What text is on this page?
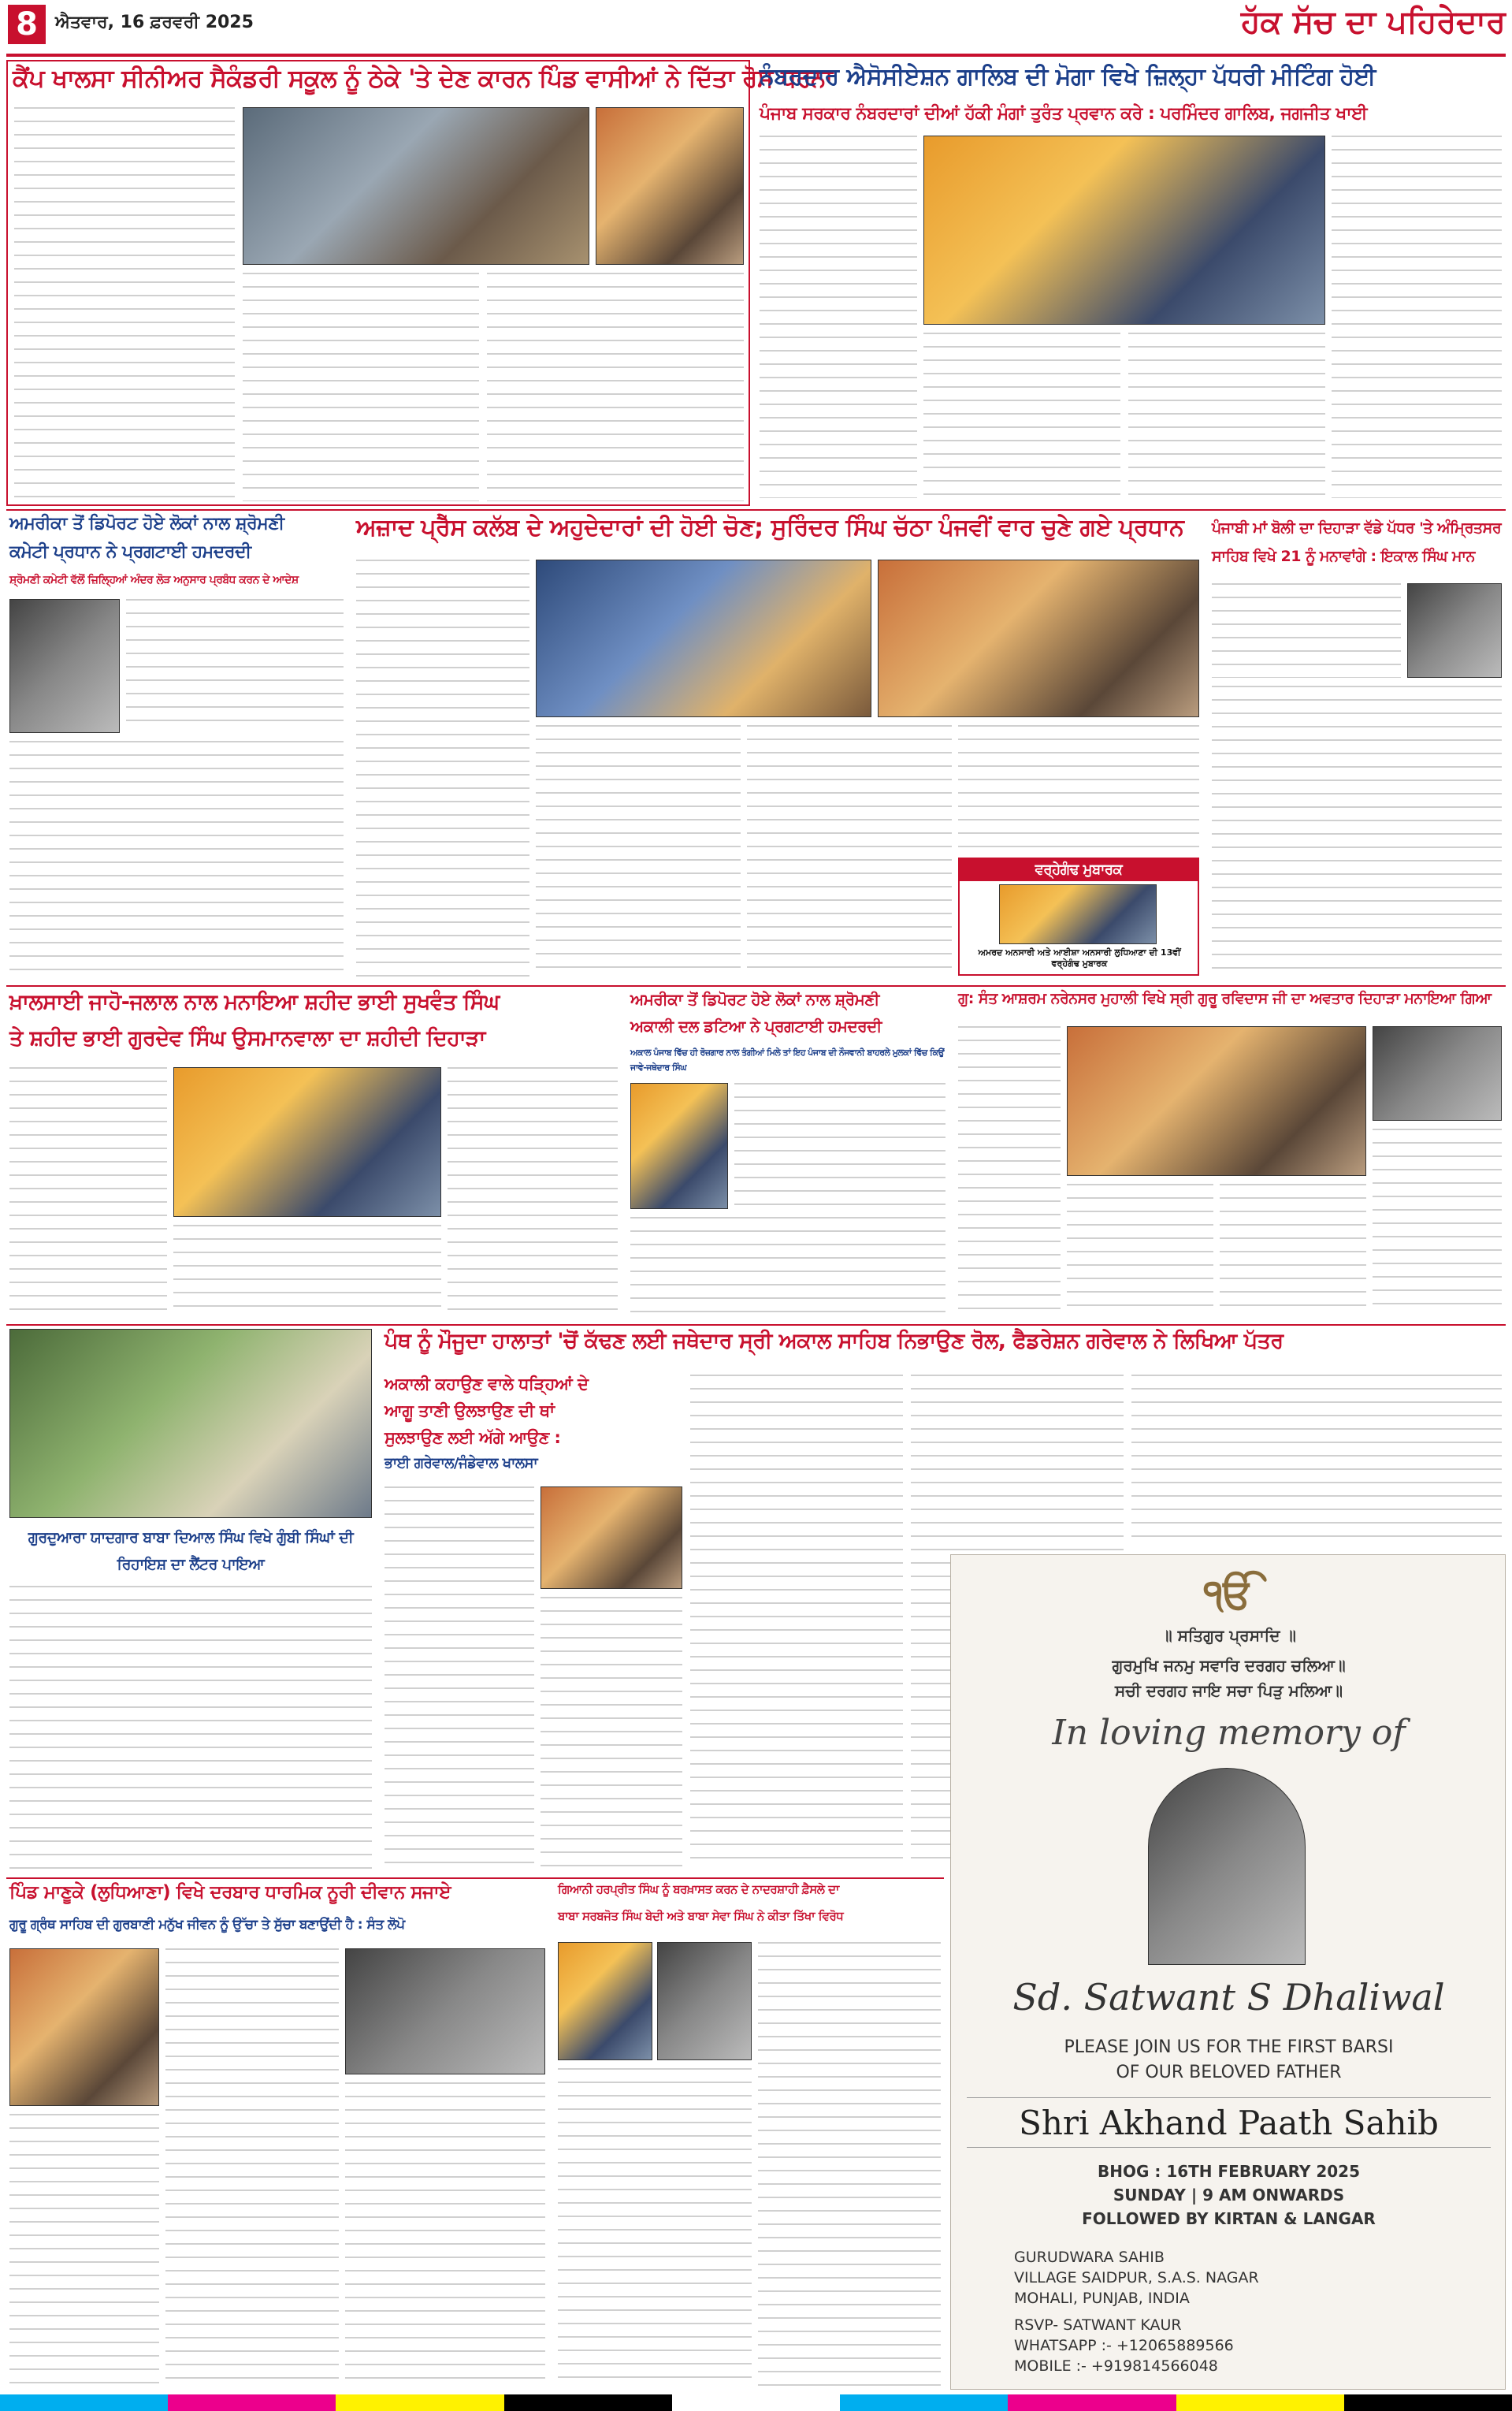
8	ਐਤਵਾਰ, 16 ਫ਼ਰਵਰੀ 2025	ਹੱਕ ਸੱਚ ਦਾ ਪਹਿਰੇਦਾਰ
ਕੈਂਪ ਖਾਲਸਾ ਸੀਨੀਅਰ ਸੈਕੰਡਰੀ ਸਕੂਲ ਨੂੰ ਠੇਕੇ 'ਤੇ ਦੇਣ ਕਾਰਨ ਪਿੰਡ ਵਾਸੀਆਂ ਨੇ ਦਿੱਤਾ ਰੋਸ ਧਰਨਾ
ਨੰਬਰਦਾਰ ਐਸੋਸੀਏਸ਼ਨ ਗਾਲਿਬ ਦੀ ਮੋਗਾ ਵਿਖੇ ਜ਼ਿਲ੍ਹਾ ਪੱਧਰੀ ਮੀਟਿੰਗ ਹੋਈ
ਪੰਜਾਬ ਸਰਕਾਰ ਨੰਬਰਦਾਰਾਂ ਦੀਆਂ ਹੱਕੀ ਮੰਗਾਂ ਤੁਰੰਤ ਪ੍ਰਵਾਨ ਕਰੇ : ਪਰਮਿੰਦਰ ਗਾਲਿਬ, ਜਗਜੀਤ ਖਾਈ
ਅਮਰੀਕਾ ਤੋਂ ਡਿਪੋਰਟ ਹੋਏ ਲੋਕਾਂ ਨਾਲ ਸ਼੍ਰੋਮਣੀ
ਕਮੇਟੀ ਪ੍ਰਧਾਨ ਨੇ ਪ੍ਰਗਟਾਈ ਹਮਦਰਦੀ
ਸ਼੍ਰੋਮਣੀ ਕਮੇਟੀ ਵੱਲੋਂ ਜ਼ਿਲ੍ਹਿਆਂ ਅੰਦਰ ਲੋੜ ਅਨੁਸਾਰ ਪ੍ਰਬੰਧ ਕਰਨ ਦੇ ਆਦੇਸ਼
ਅਜ਼ਾਦ ਪ੍ਰੈੱਸ ਕਲੱਬ ਦੇ ਅਹੁਦੇਦਾਰਾਂ ਦੀ ਹੋਈ ਚੋਣ; ਸੁਰਿੰਦਰ ਸਿੰਘ ਚੱਠਾ ਪੰਜਵੀਂ ਵਾਰ ਚੁਣੇ ਗਏ ਪ੍ਰਧਾਨ
ਵਰ੍ਹੇਗੰਢ ਮੁਬਾਰਕ
ਅਮਰਦ ਅਨਸਾਰੀ ਅਤੇ ਆਈਸ਼ਾ ਅਨਸਾਰੀ ਲੁਧਿਆਣਾ ਦੀ 13ਵੀਂ ਵਰ੍ਹੇਗੰਢ ਮੁਬਾਰਕ
ਪੰਜਾਬੀ ਮਾਂ ਬੋਲੀ ਦਾ ਦਿਹਾੜਾ ਵੱਡੇ ਪੱਧਰ 'ਤੇ ਅੰਮ੍ਰਿਤਸਰ ਸਾਹਿਬ ਵਿਖੇ 21 ਨੂੰ ਮਨਾਵਾਂਗੇ : ਇਕਾਲ ਸਿੰਘ ਮਾਨ
ਖ਼ਾਲਸਾਈ ਜਾਹੋ-ਜਲਾਲ ਨਾਲ ਮਨਾਇਆ ਸ਼ਹੀਦ ਭਾਈ ਸੁਖਵੰਤ ਸਿੰਘ
ਤੇ ਸ਼ਹੀਦ ਭਾਈ ਗੁਰਦੇਵ ਸਿੰਘ ਉਸਮਾਨਵਾਲਾ ਦਾ ਸ਼ਹੀਦੀ ਦਿਹਾੜਾ
ਅਮਰੀਕਾ ਤੋਂ ਡਿਪੋਰਟ ਹੋਏ ਲੋਕਾਂ ਨਾਲ ਸ਼੍ਰੋਮਣੀ
ਅਕਾਲੀ ਦਲ ਡਟਿਆ ਨੇ ਪ੍ਰਗਟਾਈ ਹਮਦਰਦੀ
ਅਕਾਲ ਪੰਜਾਬ ਵਿੱਚ ਹੀ ਰੋਜ਼ਗਾਰ ਨਾਲ ਤੰਗੀਆਂ ਮਿਲੇ ਤਾਂ ਇਹ ਪੰਜਾਬ ਦੀ ਨੌਜਵਾਨੀ ਬਾਹਰਲੇ ਮੁਲਕਾਂ ਵਿੱਚ ਕਿਉਂ ਜਾਵੇ-ਜਥੇਦਾਰ ਸਿੰਘ
ਗੁ: ਸੰਤ ਆਸ਼ਰਮ ਨਰੇਨਸਰ ਮੁਹਾਲੀ ਵਿਖੇ ਸ੍ਰੀ ਗੁਰੂ ਰਵਿਦਾਸ ਜੀ ਦਾ ਅਵਤਾਰ ਦਿਹਾੜਾ ਮਨਾਇਆ ਗਿਆ
ਗੁਰਦੁਆਰਾ ਯਾਦਗਾਰ ਬਾਬਾ ਦਿਆਲ ਸਿੰਘ ਵਿਖੇ ਗੁੰਬੀ ਸਿੰਘਾਂ ਦੀ ਰਿਹਾਇਸ਼ ਦਾ ਲੈਂਟਰ ਪਾਇਆ
ਪੰਥ ਨੂੰ ਮੌਜੂਦਾ ਹਾਲਾਤਾਂ 'ਚੋਂ ਕੱਢਣ ਲਈ ਜਥੇਦਾਰ ਸ੍ਰੀ ਅਕਾਲ ਸਾਹਿਬ ਨਿਭਾਉਣ ਰੋਲ, ਫੈਡਰੇਸ਼ਨ ਗਰੇਵਾਲ ਨੇ ਲਿਖਿਆ ਪੱਤਰ
ਅਕਾਲੀ ਕਹਾਉਣ ਵਾਲੇ ਧੜ੍ਹਿਆਂ ਦੇ
ਆਗੂ ਤਾਣੀ ਉਲਝਾਉਣ ਦੀ ਥਾਂ
ਸੁਲਝਾਉਣ ਲਈ ਅੱਗੇ ਆਉਣ :
ਭਾਈ ਗਰੇਵਾਲ/ਜੰਡੇਵਾਲ ਖਾਲਸਾ
ੴ
॥ ਸਤਿਗੁਰ ਪ੍ਰਸਾਦਿ ॥
ਗੁਰਮੁਖਿ ਜਨਮੁ ਸਵਾਰਿ ਦਰਗਹ ਚਲਿਆ॥
ਸਚੀ ਦਰਗਹ ਜਾਇ ਸਚਾ ਪਿੜੁ ਮਲਿਆ॥
In loving memory of
Sd. Satwant S Dhaliwal
PLEASE JOIN US FOR THE FIRST BARSI
OF OUR BELOVED FATHER
Shri Akhand Paath Sahib
BHOG : 16TH FEBRUARY 2025
SUNDAY | 9 AM ONWARDS
FOLLOWED BY KIRTAN & LANGAR
GURUDWARA SAHIB
VILLAGE SAIDPUR, S.A.S. NAGAR
MOHALI, PUNJAB, INDIA
RSVP- SATWANT KAUR
WHATSAPP :- +12065889566
MOBILE :- +919814566048
ਪਿੰਡ ਮਾਣੂਕੇ (ਲੁਧਿਆਣਾ) ਵਿਖੇ ਦਰਬਾਰ ਧਾਰਮਿਕ ਨੂਰੀ ਦੀਵਾਨ ਸਜਾਏ
ਗੁਰੂ ਗ੍ਰੰਥ ਸਾਹਿਬ ਦੀ ਗੁਰਬਾਣੀ ਮਨੁੱਖ ਜੀਵਨ ਨੂੰ ਉੱਚਾ ਤੇ ਸੁੱਚਾ ਬਣਾਉਂਦੀ ਹੈ : ਸੰਤ ਲੋਪੋ
ਗਿਆਨੀ ਹਰਪ੍ਰੀਤ ਸਿੰਘ ਨੂੰ ਬਰਖ਼ਾਸਤ ਕਰਨ ਦੇ ਨਾਦਰਸ਼ਾਹੀ ਫ਼ੈਸਲੇ ਦਾ
ਬਾਬਾ ਸਰਬਜੋਤ ਸਿੰਘ ਬੇਦੀ ਅਤੇ ਬਾਬਾ ਸੇਵਾ ਸਿੰਘ ਨੇ ਕੀਤਾ ਤਿੱਖਾ ਵਿਰੋਧ
